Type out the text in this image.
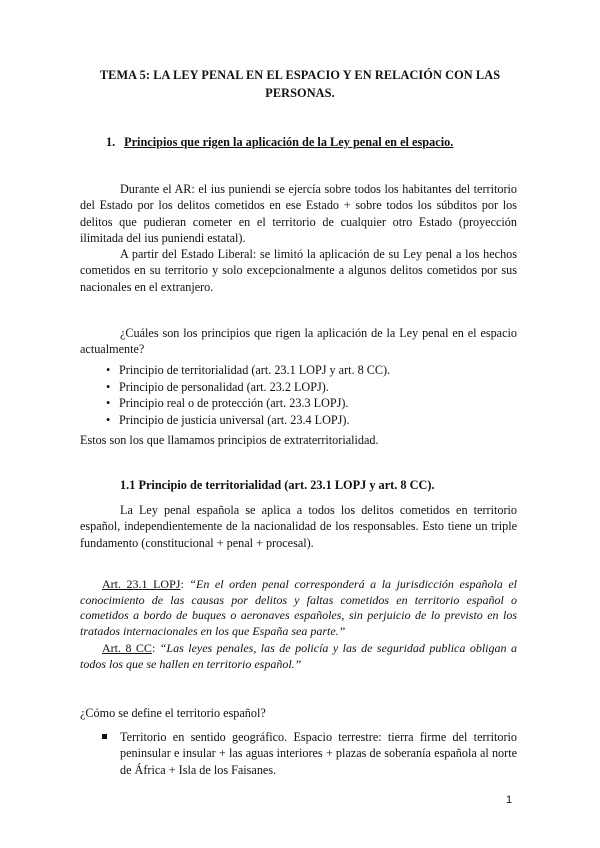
TEMA 5: LA LEY PENAL EN EL ESPACIO Y EN RELACIÓN CON LAS PERSONAS.
1. Principios que rigen la aplicación de la Ley penal en el espacio.

Durante el AR: el ius puniendi se ejercía sobre todos los habitantes del territorio del Estado por los delitos cometidos en ese Estado + sobre todos los súbditos por los delitos que pudieran cometer en el territorio de cualquier otro Estado (proyección ilimitada del ius puniendi estatal).

A partir del Estado Liberal: se limitó la aplicación de su Ley penal a los hechos cometidos en su territorio y solo excepcionalmente a algunos delitos cometidos por sus nacionales en el extranjero.

¿Cuáles son los principios que rigen la aplicación de la Ley penal en el espacio actualmente?

• Principio de territorialidad (art. 23.1 LOPJ y art. 8 CC).
• Principio de personalidad (art. 23.2 LOPJ).
• Principio real o de protección (art. 23.3 LOPJ).
• Principio de justicia universal (art. 23.4 LOPJ).

Estos son los que llamamos principios de extraterritorialidad.

1.1 Principio de territorialidad (art. 23.1 LOPJ y art. 8 CC).

La Ley penal española se aplica a todos los delitos cometidos en territorio español, independientemente de la nacionalidad de los responsables. Esto tiene un triple fundamento (constitucional + penal + procesal).

Art. 23.1 LOPJ: “En el orden penal corresponderá a la jurisdicción española el conocimiento de las causas por delitos y faltas cometidos en territorio español o cometidos a bordo de buques o aeronaves españoles, sin perjuicio de lo previsto en los tratados internacionales en los que España sea parte.”

Art. 8 CC: “Las leyes penales, las de policía y las de seguridad publica obligan a todos los que se hallen en territorio español.”

¿Cómo se define el territorio español?

Territorio en sentido geográfico. Espacio terrestre: tierra firme del territorio peninsular e insular + las aguas interiores + plazas de soberanía española al norte de África + Isla de los Faisanes.
1
